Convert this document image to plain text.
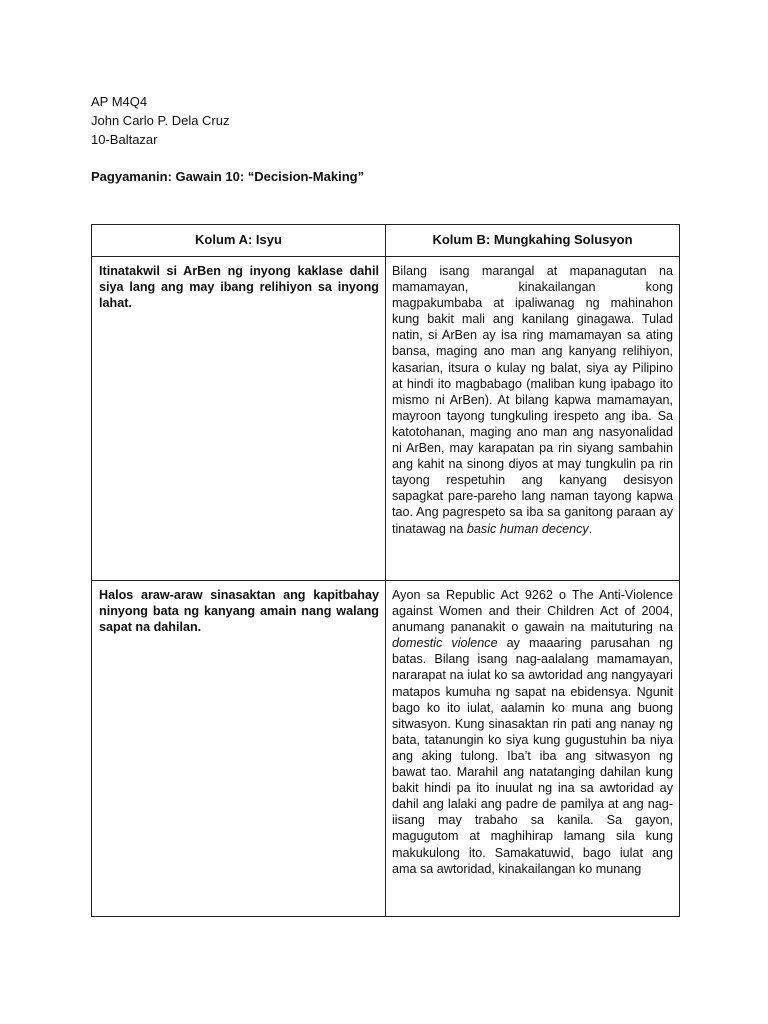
AP M4Q4
John Carlo P. Dela Cruz
10-Baltazar
Pagyamanin: Gawain 10: “Decision-Making”
Kolum A: Isyu	Kolum B: Mungkahing Solusyon
Itinatakwil si ArBen ng inyong kaklase dahil siya lang ang may ibang relihiyon sa inyong lahat.	Bilang isang marangal at mapanagutan na mamamayan, kinakailangan kong magpakumbaba at ipaliwanag ng mahinahon kung bakit mali ang kanilang ginagawa. Tulad natin, si ArBen ay isa ring mamamayan sa ating bansa, maging ano man ang kanyang relihiyon, kasarian, itsura o kulay ng balat, siya ay Pilipino at hindi ito magbabago (maliban kung ipabago ito mismo ni ArBen). At bilang kapwa mamamayan, mayroon tayong tungkuling irespeto ang iba. Sa katotohanan, maging ano man ang nasyonalidad ni ArBen, may karapatan pa rin siyang sambahin ang kahit na sinong diyos at may tungkulin pa rin tayong respetuhin ang kanyang desisyon sapagkat pare-pareho lang naman tayong kapwa tao. Ang pagrespeto sa iba sa ganitong paraan ay tinatawag na basic human decency.
Halos araw-araw sinasaktan ang kapitbahay ninyong bata ng kanyang amain nang walang sapat na dahilan.	Ayon sa Republic Act 9262 o The Anti-Violence against Women and their Children Act of 2004, anumang pananakit o gawain na maituturing na domestic violence ay maaaring parusahan ng batas. Bilang isang nag-aalalang mamamayan, nararapat na iulat ko sa awtoridad ang nangyayari matapos kumuha ng sapat na ebidensya. Ngunit bago ko ito iulat, aalamin ko muna ang buong sitwasyon. Kung sinasaktan rin pati ang nanay ng bata, tatanungin ko siya kung gugustuhin ba niya ang aking tulong. Iba’t iba ang sitwasyon ng bawat tao. Marahil ang natatanging dahilan kung bakit hindi pa ito inuulat ng ina sa awtoridad ay dahil ang lalaki ang padre de pamilya at ang nag-iisang may trabaho sa kanila. Sa gayon, magugutom at maghihirap lamang sila kung makukulong ito. Samakatuwid, bago iulat ang ama sa awtoridad, kinakailangan ko munang
